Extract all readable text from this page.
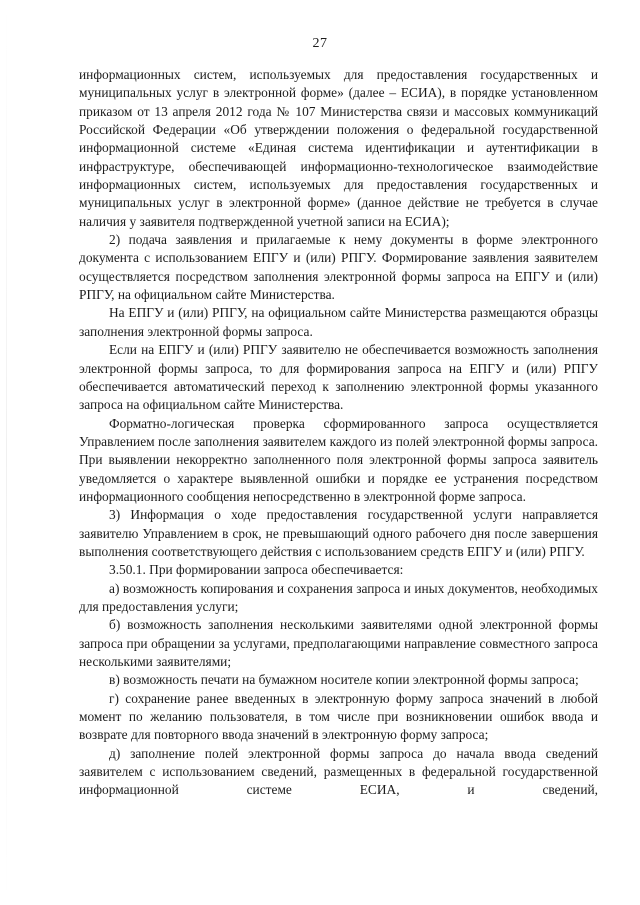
27

информационных систем, используемых для предоставления государственных и муниципальных услуг в электронной форме» (далее – ЕСИА), в порядке установленном приказом от 13 апреля 2012 года № 107 Министерства связи и массовых коммуникаций Российской Федерации «Об утверждении положения о федеральной государственной информационной системе «Единая система идентификации и аутентификации в инфраструктуре, обеспечивающей информационно-технологическое взаимодействие информационных систем, используемых для предоставления государственных и муниципальных услуг в электронной форме» (данное действие не требуется в случае наличия у заявителя подтвержденной учетной записи на ЕСИА);

2) подача заявления и прилагаемые к нему документы в форме электронного документа с использованием ЕПГУ и (или) РПГУ. Формирование заявления заявителем осуществляется посредством заполнения электронной формы запроса на ЕПГУ и (или) РПГУ, на официальном сайте Министерства.

На ЕПГУ и (или) РПГУ, на официальном сайте Министерства размещаются образцы заполнения электронной формы запроса.

Если на ЕПГУ и (или) РПГУ заявителю не обеспечивается возможность заполнения электронной формы запроса, то для формирования запроса на ЕПГУ и (или) РПГУ обеспечивается автоматический переход к заполнению электронной формы указанного запроса на официальном сайте Министерства.

Форматно-логическая проверка сформированного запроса осуществляется Управлением после заполнения заявителем каждого из полей электронной формы запроса. При выявлении некорректно заполненного поля электронной формы запроса заявитель уведомляется о характере выявленной ошибки и порядке ее устранения посредством информационного сообщения непосредственно в электронной форме запроса.

3) Информация о ходе предоставления государственной услуги направляется заявителю Управлением в срок, не превышающий одного рабочего дня после завершения выполнения соответствующего действия с использованием средств ЕПГУ и (или) РПГУ.

3.50.1. При формировании запроса обеспечивается:

а) возможность копирования и сохранения запроса и иных документов, необходимых для предоставления услуги;

б) возможность заполнения несколькими заявителями одной электронной формы запроса при обращении за услугами, предполагающими направление совместного запроса несколькими заявителями;

в) возможность печати на бумажном носителе копии электронной формы запроса;

г) сохранение ранее введенных в электронную форму запроса значений в любой момент по желанию пользователя, в том числе при возникновении ошибок ввода и возврате для повторного ввода значений в электронную форму запроса;

д) заполнение полей электронной формы запроса до начала ввода сведений заявителем с использованием сведений, размещенных в федеральной государственной информационной системе ЕСИА, и сведений,
